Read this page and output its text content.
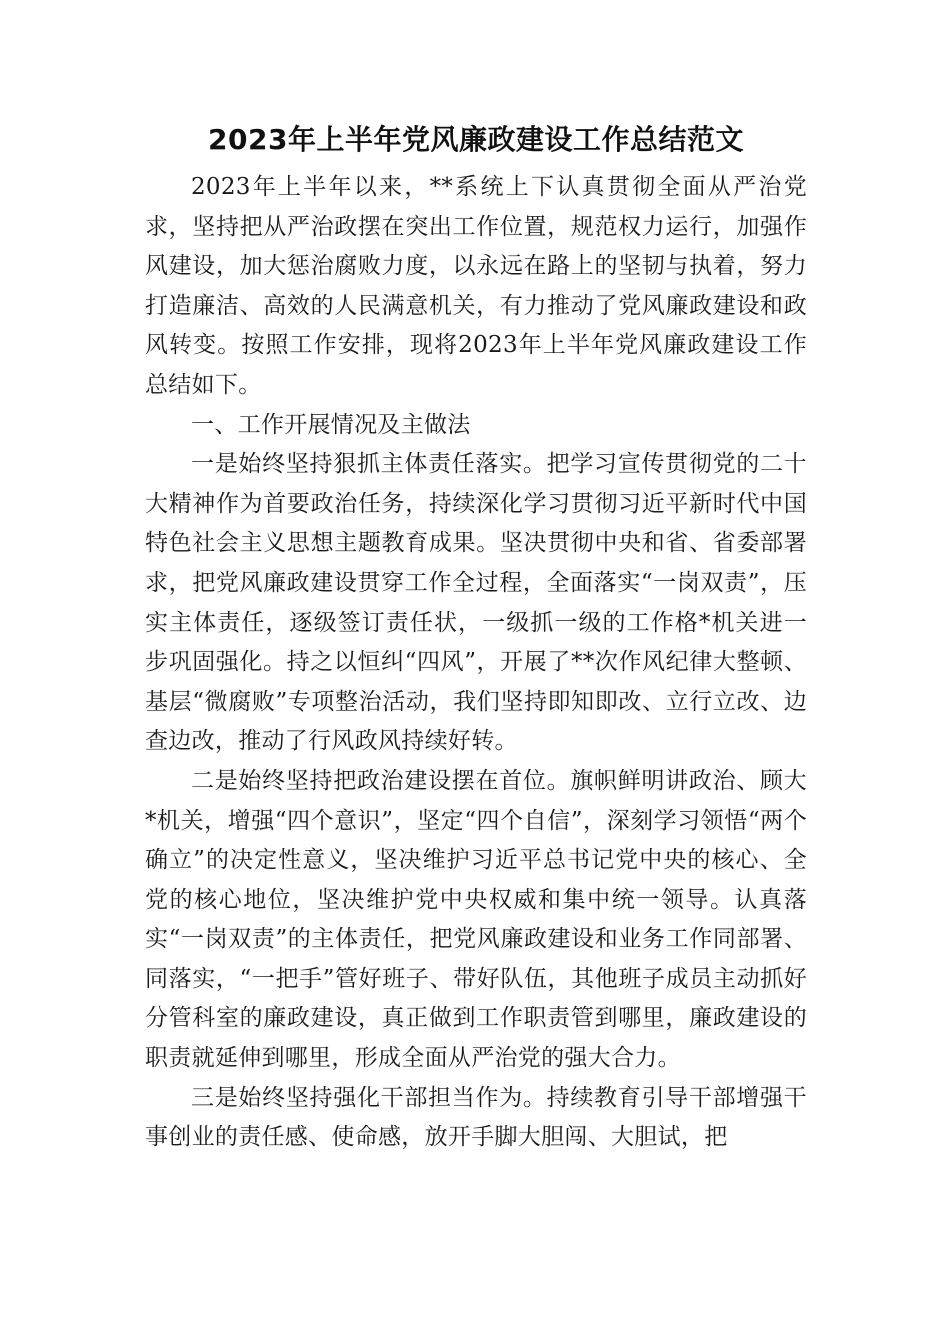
2023年上半年党风廉政建设工作总结范文

2023年上半年以来，**系统上下认真贯彻全面从严治党求，坚持把从严治政摆在突出工作位置，规范权力运行，加强作风建设，加大惩治腐败力度，以永远在路上的坚韧与执着，努力打造廉洁、高效的人民满意机关，有力推动了党风廉政建设和政风转变。按照工作安排，现将2023年上半年党风廉政建设工作总结如下。

一、工作开展情况及主做法

一是始终坚持狠抓主体责任落实。把学习宣传贯彻党的二十大精神作为首要政治任务，持续深化学习贯彻习近平新时代中国特色社会主义思想主题教育成果。坚决贯彻中央和省、省委部署求，把党风廉政建设贯穿工作全过程，全面落实“一岗双责”，压实主体责任，逐级签订责任状，一级抓一级的工作格*机关进一步巩固强化。持之以恒纠“四风”，开展了**次作风纪律大整顿、基层“微腐败”专项整治活动，我们坚持即知即改、立行立改、边查边改，推动了行风政风持续好转。

二是始终坚持把政治建设摆在首位。旗帜鲜明讲政治、顾大*机关，增强“四个意识”，坚定“四个自信”，深刻学习领悟“两个确立”的决定性意义，坚决维护习近平总书记党中央的核心、全党的核心地位，坚决维护党中央权威和集中统一领导。认真落实“一岗双责”的主体责任，把党风廉政建设和业务工作同部署、同落实，“一把手”管好班子、带好队伍，其他班子成员主动抓好分管科室的廉政建设，真正做到工作职责管到哪里，廉政建设的职责就延伸到哪里，形成全面从严治党的强大合力。

三是始终坚持强化干部担当作为。持续教育引导干部增强干事创业的责任感、使命感，放开手脚大胆闯、大胆试，把
